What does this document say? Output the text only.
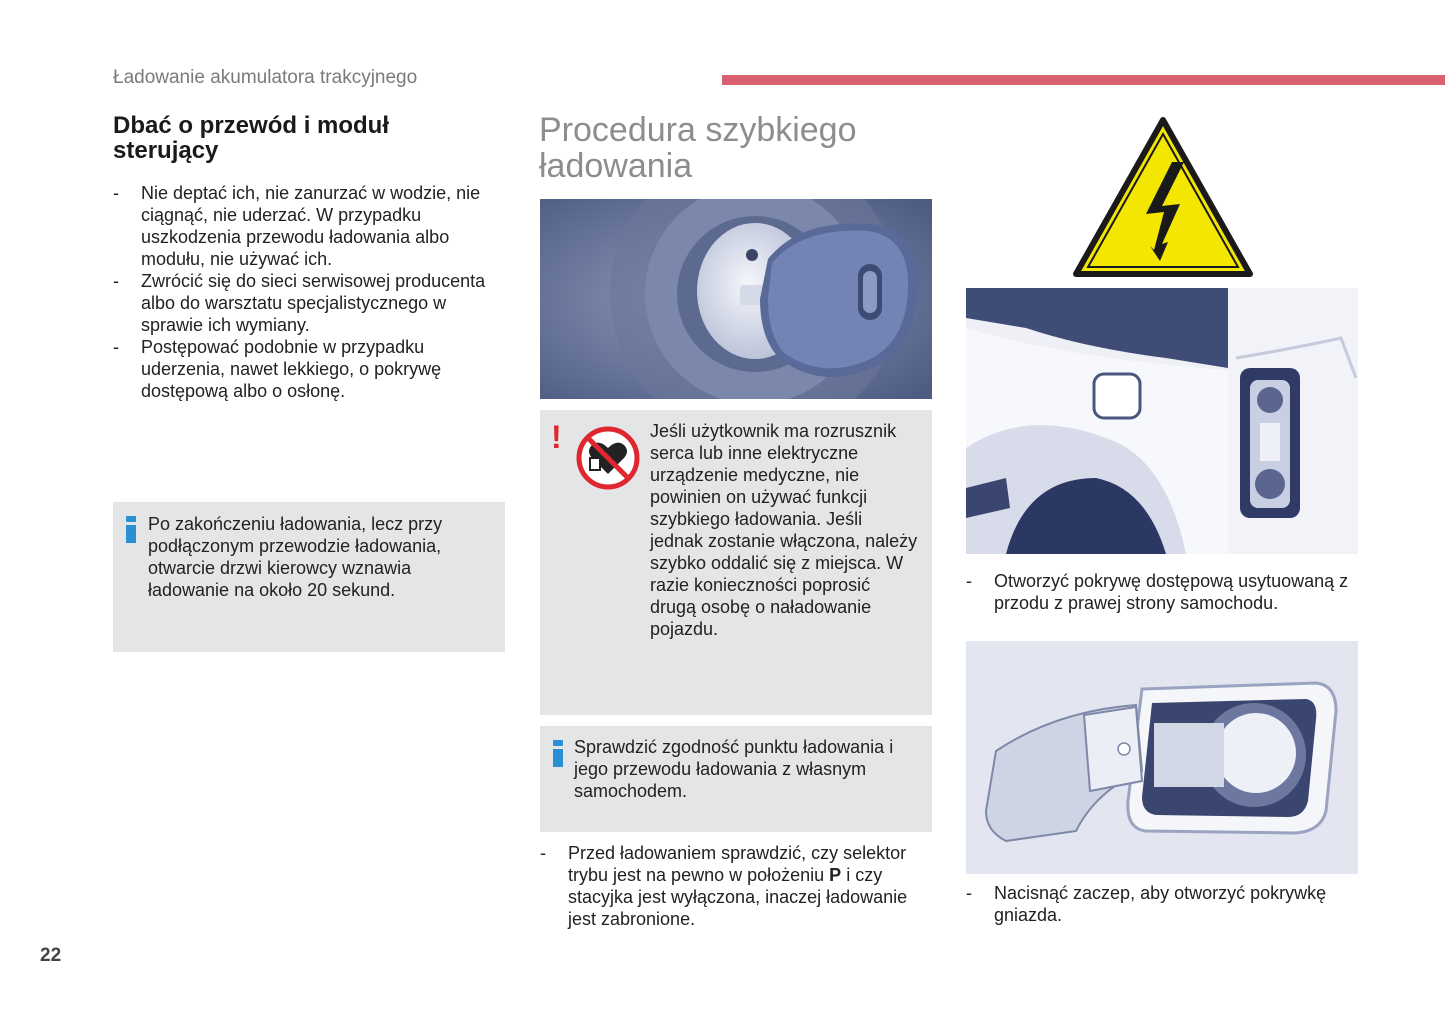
Ładowanie akumulatora trakcyjnego
Dbać o przewód i moduł sterujący
- Nie deptać ich, nie zanurzać w wodzie, nie ciągnąć, nie uderzać. W przypadku uszkodzenia przewodu ładowania albo modułu, nie używać ich.
- Zwrócić się do sieci serwisowej producenta albo do warsztatu specjalistycznego w sprawie ich wymiany.
- Postępować podobnie w przypadku uderzenia, nawet lekkiego, o pokrywę dostępową albo o osłonę.
Po zakończeniu ładowania, lecz przy podłączonym przewodzie ładowania, otwarcie drzwi kierowcy wznawia ładowanie na około 20 sekund.
Procedura szybkiego ładowania
!	Jeśli użytkownik ma rozrusznik serca lub inne elektryczne urządzenie medyczne, nie powinien on używać funkcji szybkiego ładowania. Jeśli jednak zostanie włączona, należy szybko oddalić się z miejsca. W razie konieczności poprosić drugą osobę o naładowanie pojazdu.
Sprawdzić zgodność punktu ładowania i jego przewodu ładowania z własnym samochodem.
- Przed ładowaniem sprawdzić, czy selektor trybu jest na pewno w położeniu P i czy stacyjka jest wyłączona, inaczej ładowanie jest zabronione.
- Otworzyć pokrywę dostępową usytuowaną z przodu z prawej strony samochodu.
- Nacisnąć zaczep, aby otworzyć pokrywkę gniazda.
22
